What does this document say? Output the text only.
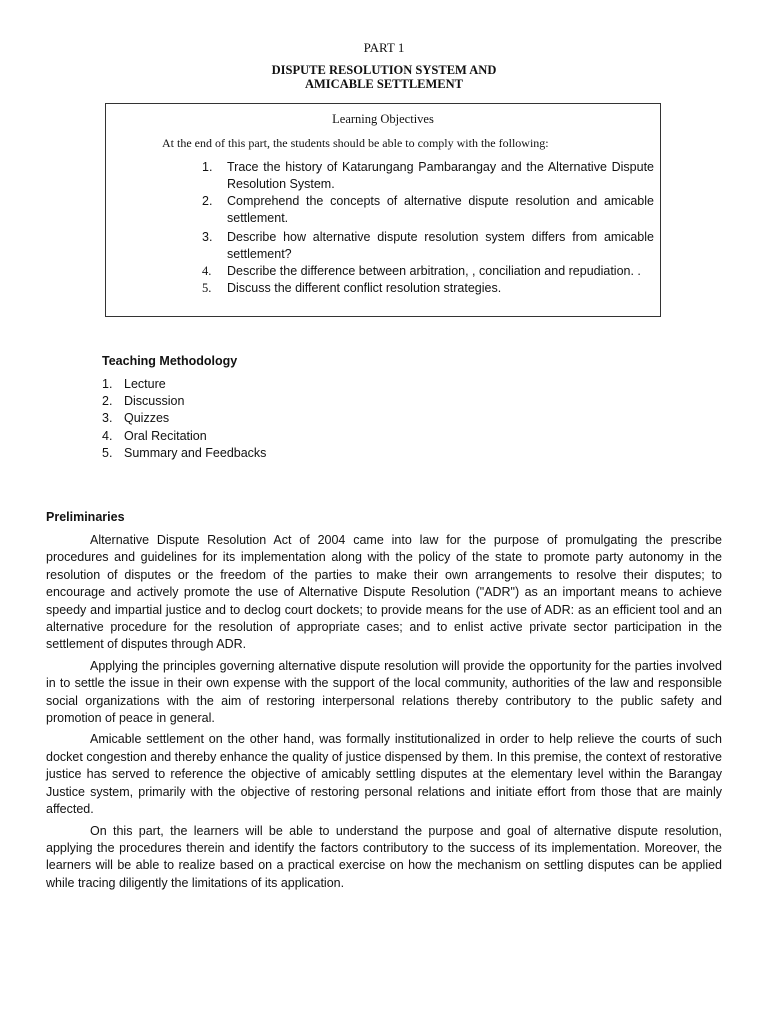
PART 1
DISPUTE RESOLUTION SYSTEM AND
AMICABLE SETTLEMENT
Learning Objectives
At the end of this part, the students should be able to comply with the following:
1.	Trace the history of Katarungang Pambarangay and the Alternative Dispute Resolution System.
2.	Comprehend the concepts of alternative dispute resolution and amicable settlement.
3.	Describe how alternative dispute resolution system differs from amicable settlement?
4.	Describe the difference between arbitration, , conciliation and repudiation. .
5.	Discuss the different conflict resolution strategies.
Teaching Methodology
1. Lecture
2. Discussion
3. Quizzes
4. Oral Recitation
5. Summary and Feedbacks
Preliminaries

Alternative Dispute Resolution Act of 2004 came into law for the purpose of promulgating the prescribe procedures and guidelines for its implementation along with the policy of the state to promote party autonomy in the resolution of disputes or the freedom of the parties to make their own arrangements to resolve their disputes; to encourage and actively promote the use of Alternative Dispute Resolution ("ADR") as an important means to achieve speedy and impartial justice and to declog court dockets; to provide means for the use of ADR: as an efficient tool and an alternative procedure for the resolution of appropriate cases; and to enlist active private sector participation in the settlement of disputes through ADR.

Applying the principles governing alternative dispute resolution will provide the opportunity for the parties involved in to settle the issue in their own expense with the support of the local community, authorities of the law and responsible social organizations with the aim of restoring interpersonal relations thereby contributory to the public safety and promotion of peace in general.

Amicable settlement on the other hand, was formally institutionalized in order to help relieve the courts of such docket congestion and thereby enhance the quality of justice dispensed by them. In this premise, the context of restorative justice has served to reference the objective of amicably settling disputes at the elementary level within the Barangay Justice system, primarily with the objective of restoring personal relations and initiate effort from those that are mainly affected.

On this part, the learners will be able to understand the purpose and goal of alternative dispute resolution, applying the procedures therein and identify the factors contributory to the success of its implementation. Moreover, the learners will be able to realize based on a practical exercise on how the mechanism on settling disputes can be applied while tracing diligently the limitations of its application.
